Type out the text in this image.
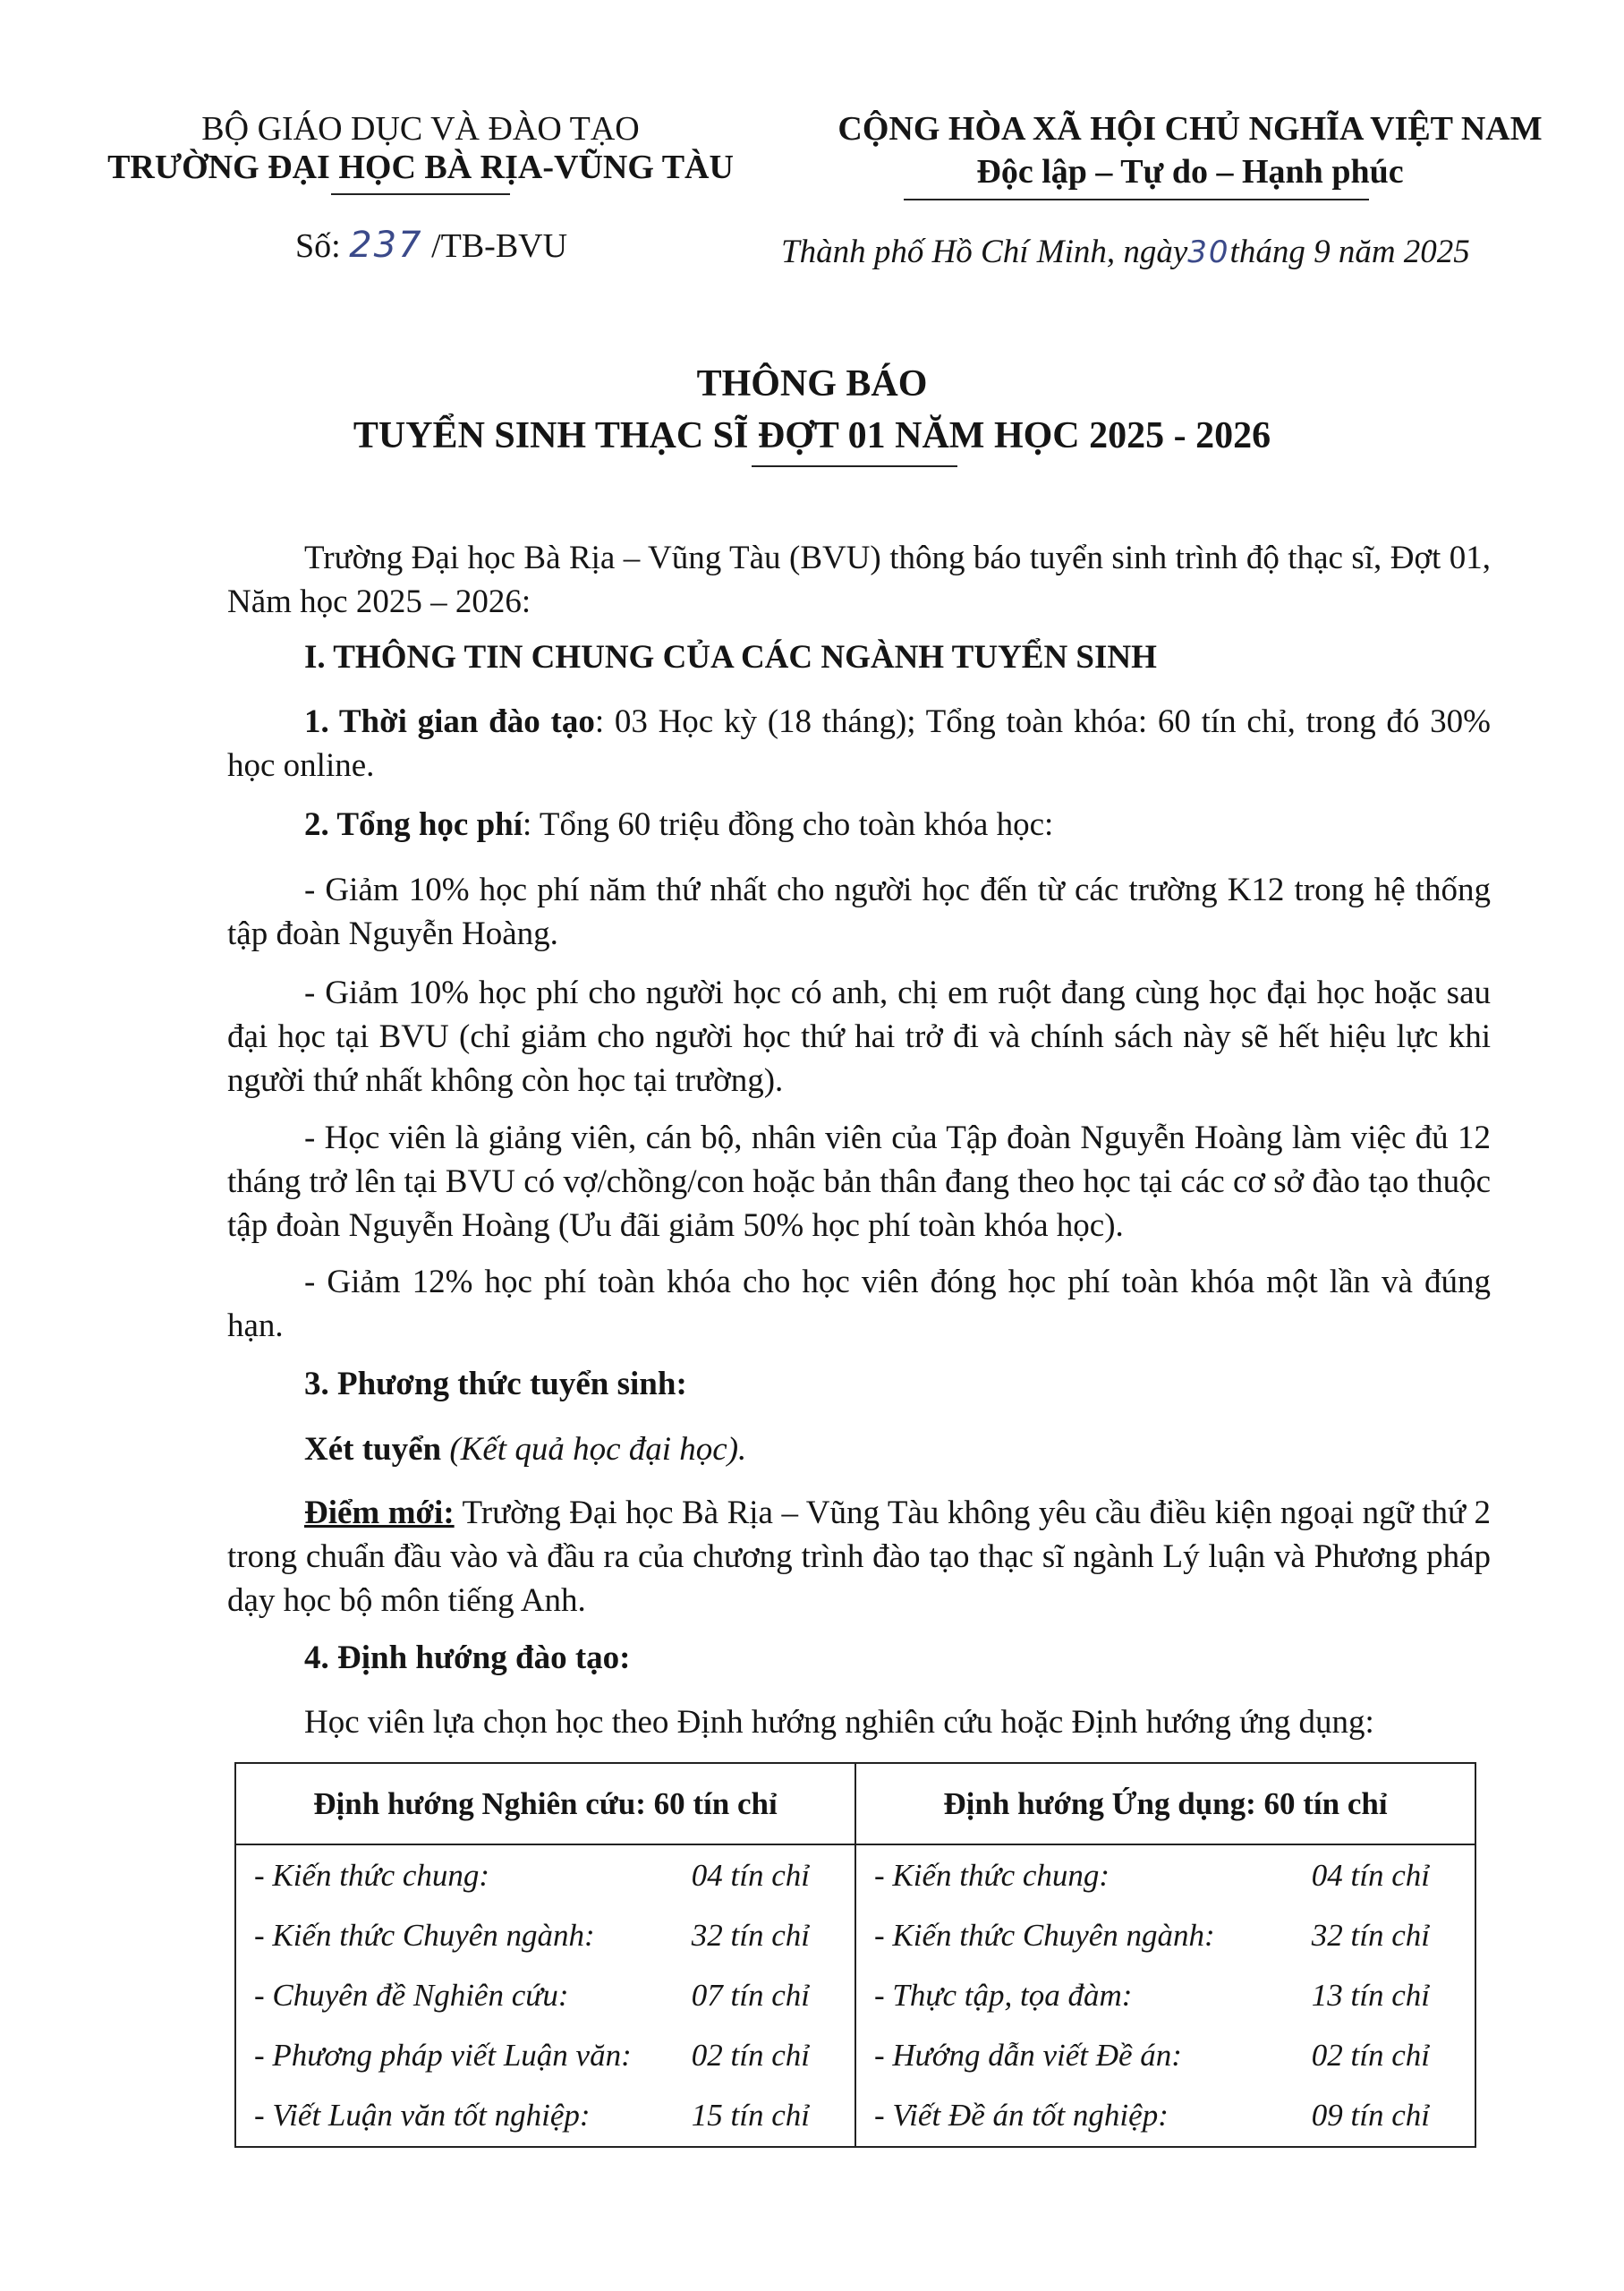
BỘ GIÁO DỤC VÀ ĐÀO TẠO
TRƯỜNG ĐẠI HỌC BÀ RỊA-VŨNG TÀU
CỘNG HÒA XÃ HỘI CHỦ NGHĨA VIỆT NAM
Độc lập – Tự do – Hạnh phúc
Số: 237 /TB-BVU	Thành phố Hồ Chí Minh, ngày30tháng 9 năm 2025
THÔNG BÁO
TUYỂN SINH THẠC SĨ ĐỢT 01 NĂM HỌC 2025 - 2026
Trường Đại học Bà Rịa – Vũng Tàu (BVU) thông báo tuyển sinh trình độ thạc sĩ, Đợt 01, Năm học 2025 – 2026:
I. THÔNG TIN CHUNG CỦA CÁC NGÀNH TUYỂN SINH
1. Thời gian đào tạo: 03 Học kỳ (18 tháng); Tổng toàn khóa: 60 tín chỉ, trong đó 30% học online.
2. Tổng học phí: Tổng 60 triệu đồng cho toàn khóa học:
- Giảm 10% học phí năm thứ nhất cho người học đến từ các trường K12 trong hệ thống tập đoàn Nguyễn Hoàng.
- Giảm 10% học phí cho người học có anh, chị em ruột đang cùng học đại học hoặc sau đại học tại BVU (chỉ giảm cho người học thứ hai trở đi và chính sách này sẽ hết hiệu lực khi người thứ nhất không còn học tại trường).
- Học viên là giảng viên, cán bộ, nhân viên của Tập đoàn Nguyễn Hoàng làm việc đủ 12 tháng trở lên tại BVU có vợ/chồng/con hoặc bản thân đang theo học tại các cơ sở đào tạo thuộc tập đoàn Nguyễn Hoàng (Ưu đãi giảm 50% học phí toàn khóa học).
- Giảm 12% học phí toàn khóa cho học viên đóng học phí toàn khóa một lần và đúng hạn.
3. Phương thức tuyển sinh:
Xét tuyển (Kết quả học đại học).
Điểm mới: Trường Đại học Bà Rịa – Vũng Tàu không yêu cầu điều kiện ngoại ngữ thứ 2 trong chuẩn đầu vào và đầu ra của chương trình đào tạo thạc sĩ ngành Lý luận và Phương pháp dạy học bộ môn tiếng Anh.
4. Định hướng đào tạo:
Học viên lựa chọn học theo Định hướng nghiên cứu hoặc Định hướng ứng dụng:
Định hướng Nghiên cứu: 60 tín chỉ	Định hướng Ứng dụng: 60 tín chỉ

- Kiến thức chung: 04 tín chỉ	- Kiến thức chung: 04 tín chỉ

- Kiến thức Chuyên ngành: 32 tín chỉ	- Kiến thức Chuyên ngành: 32 tín chỉ

- Chuyên đề Nghiên cứu: 07 tín chỉ	- Thực tập, tọa đàm: 13 tín chỉ

- Phương pháp viết Luận văn: 02 tín chỉ	- Hướng dẫn viết Đề án: 02 tín chỉ

- Viết Luận văn tốt nghiệp: 15 tín chỉ	- Viết Đề án tốt nghiệp: 09 tín chỉ
